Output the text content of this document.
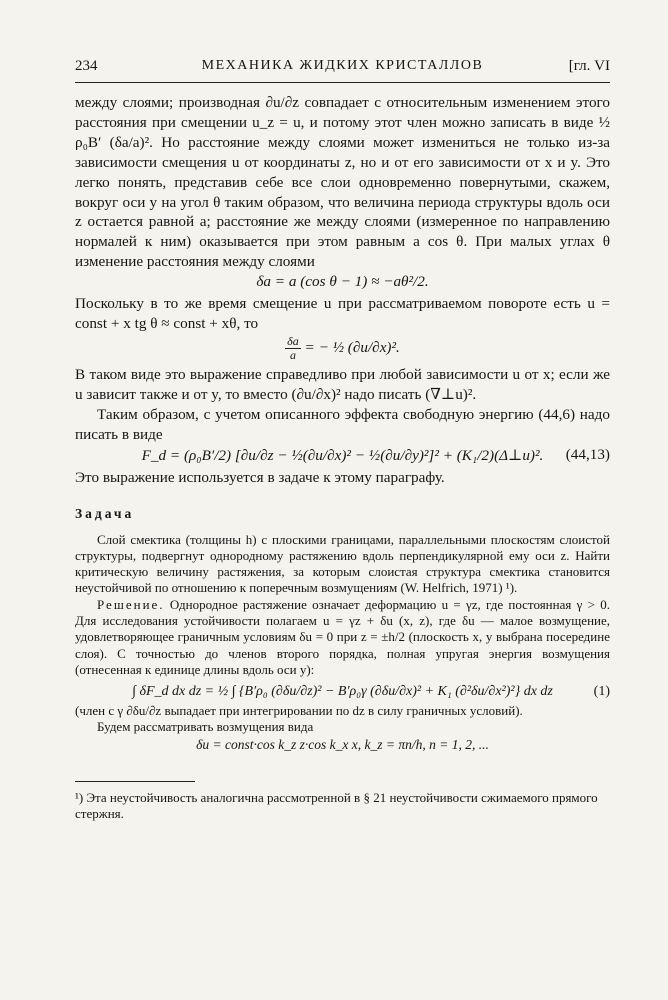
234	МЕХАНИКА ЖИДКИХ КРИСТАЛЛОВ	[гл. VI

между слоями; производная ∂u/∂z совпадает с относительным изменением этого расстояния при смещении u_z = u, и потому этот член можно записать в виде ½ ρ₀B′ (δa/a)². Но расстояние между слоями может измениться не только из-за зависимости смещения u от координаты z, но и от его зависимости от x и y. Это легко понять, представив себе все слои одновременно повернутыми, скажем, вокруг оси y на угол θ таким образом, что величина периода структуры вдоль оси z остается равной a; расстояние же между слоями (измеренное по направлению нормалей к ним) оказывается при этом равным a cos θ. При малых углах θ изменение расстояния между слоями

δa = a (cos θ − 1) ≈ −aθ²/2.

Поскольку в то же время смещение u при рассматриваемом повороте есть u = const + x tg θ ≈ const + xθ, то

$\frac{\delta a}{a}$ = − ½ (∂u/∂x)².

В таком виде это выражение справедливо при любой зависимости u от x; если же u зависит также и от y, то вместо (∂u/∂x)² надо писать (∇⊥u)².

Таким образом, с учетом описанного эффекта свободную энергию (44,6) надо писать в виде

F_d = (ρ₀B′/2) [∂u/∂z − ½(∂u/∂x)² − ½(∂u/∂y)²]² + (K₁/2)(Δ⊥u)². (44,13)

Это выражение используется в задаче к этому параграфу.

Задача

Слой смектика (толщины h) с плоскими границами, параллельными плоскостям слоистой структуры, подвергнут однородному растяжению вдоль перпендикулярной ему оси z. Найти критическую величину растяжения, за которым слоистая структура смектика становится неустойчивой по отношению к поперечным возмущениям (W. Helfrich, 1971) ¹).

Решение. Однородное растяжение означает деформацию u = γz, где постоянная γ > 0. Для исследования устойчивости полагаем u = γz + δu (x, z), где δu — малое возмущение, удовлетворяющее граничным условиям δu = 0 при z = ±h/2 (плоскость x, y выбрана посередине слоя). С точностью до членов второго порядка, полная упругая энергия возмущения (отнесенная к единице длины вдоль оси y):

∫ δF_d dx dz = ½ ∫ {B′ρ₀ (∂δu/∂z)² − B′ρ₀γ (∂δu/∂x)² + K₁ (∂²δu/∂x²)²} dx dz	(1)

(член с γ ∂δu/∂z выпадает при интегрировании по dz в силу граничных условий).

Будем рассматривать возмущения вида

δu = const·cos k_z z·cos k_x x, k_z = πn/h, n = 1, 2, ...

¹) Эта неустойчивость аналогична рассмотренной в § 21 неустойчивости сжимаемого прямого стержня.
